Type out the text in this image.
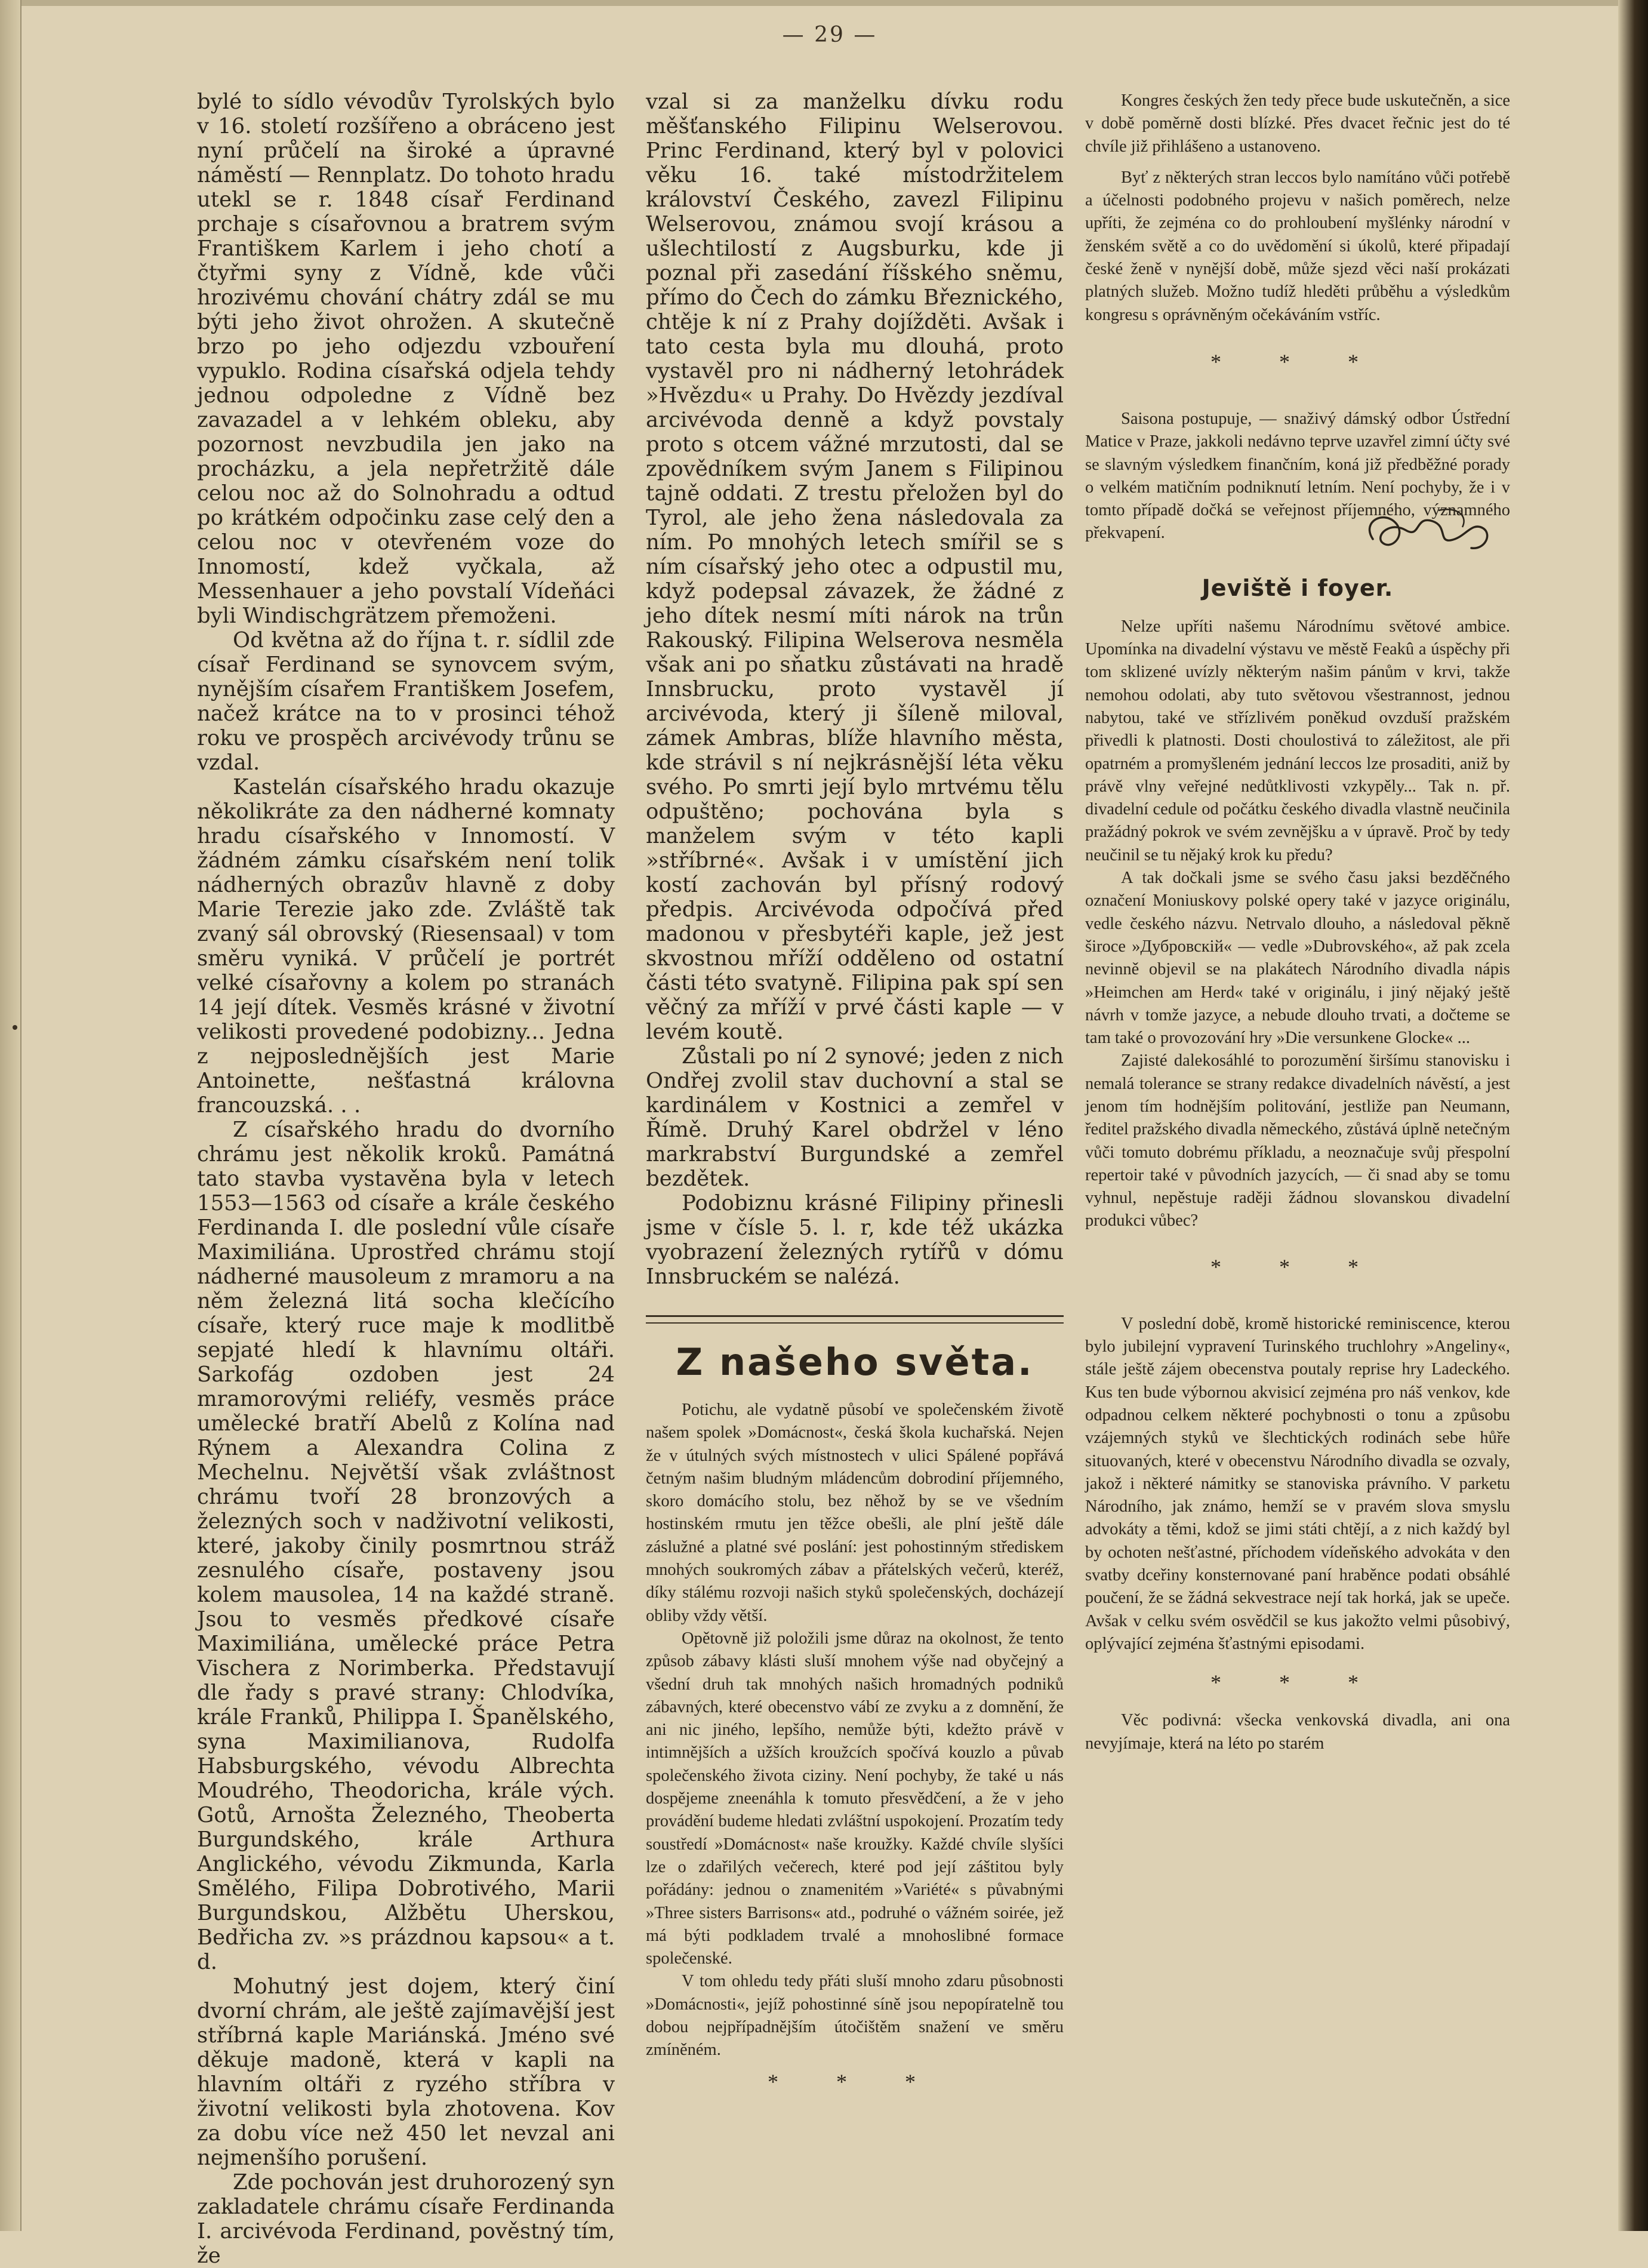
— 29 —

bylé to sídlo vévodův Tyrolských bylo v 16. století rozšířeno a obráceno jest nyní průčelí na široké a úpravné náměstí — Rennplatz. Do tohoto hradu utekl se r. 1848 císař Ferdinand prchaje s císařovnou a bratrem svým Františkem Karlem i jeho chotí a čtyřmi syny z Vídně, kde vůči hrozivému chování chátry zdál se mu býti jeho život ohrožen. A skutečně brzo po jeho odjezdu vzbouření vypuklo. Rodina císařská odjela tehdy jednou odpoledne z Vídně bez zavazadel a v lehkém obleku, aby pozornost nevzbudila jen jako na procházku, a jela nepřetržitě dále celou noc až do Solnohradu a odtud po krátkém odpočinku zase celý den a celou noc v otevřeném voze do Innomostí, kdež vyčkala, až Messenhauer a jeho povstalí Vídeňáci byli Windischgrätzem přemoženi.

Od května až do října t. r. sídlil zde císař Ferdinand se synovcem svým, nynějším císařem Františkem Josefem, načež krátce na to v prosinci téhož roku ve prospěch arcivévody trůnu se vzdal.

Kastelán císařského hradu okazuje několikráte za den nádherné komnaty hradu císařského v Innomostí. V žádném zámku císařském není tolik nádherných obrazův hlavně z doby Marie Terezie jako zde. Zvláště tak zvaný sál obrovský (Riesensaal) v tom směru vyniká. V průčelí je portrét velké císařovny a kolem po stranách 14 její dítek. Vesměs krásné v životní velikosti provedené podobizny... Jedna z nejposlednějších jest Marie Antoinette, nešťastná královna francouzská. . .

Z císařského hradu do dvorního chrámu jest několik kroků. Památná tato stavba vystavěna byla v letech 1553—1563 od císaře a krále českého Ferdinanda I. dle poslední vůle císaře Maximiliána. Uprostřed chrámu stojí nádherné mausoleum z mramoru a na něm železná litá socha klečícího císaře, který ruce maje k modlitbě sepjaté hledí k hlavnímu oltáři. Sarkofág ozdoben jest 24 mramorovými reliéfy, vesměs práce umělecké bratří Abelů z Kolína nad Rýnem a Alexandra Colina z Mechelnu. Největší však zvláštnost chrámu tvoří 28 bronzových a železných soch v nadživotní velikosti, které, jakoby činily posmrtnou stráž zesnulého císaře, postaveny jsou kolem mausolea, 14 na každé straně. Jsou to vesměs předkové císaře Maximiliána, umělecké práce Petra Vischera z Norimberka. Představují dle řady s pravé strany: Chlodvíka, krále Franků, Philippa I. Španělského, syna Maximilianova, Rudolfa Habsburgského, vévodu Albrechta Moudrého, Theodoricha, krále vých. Gotů, Arnošta Železného, Theoberta Burgundského, krále Arthura Anglického, vévodu Zikmunda, Karla Smělého, Filipa Dobrotivého, Marii Burgundskou, Alžbětu Uherskou, Bedřicha zv. »s prázdnou kapsou« a t. d.

Mohutný jest dojem, který činí dvorní chrám, ale ještě zajímavější jest stříbrná kaple Mariánská. Jméno své děkuje madoně, která v kapli na hlavním oltáři z ryzého stříbra v životní velikosti byla zhotovena. Kov za dobu více než 450 let nevzal ani nejmenšího porušení.

Zde pochován jest druhorozený syn zakladatele chrámu císaře Ferdinanda I. arcivévoda Ferdinand, pověstný tím, že

vzal si za manželku dívku rodu měšťanského Filipinu Welserovou. Princ Ferdinand, který byl v polovici věku 16. také místodržitelem království Českého, zavezl Filipinu Welserovou, známou svojí krásou a ušlechtilostí z Augsburku, kde ji poznal při zasedání říšského sněmu, přímo do Čech do zámku Březnického, chtěje k ní z Prahy dojížděti. Avšak i tato cesta byla mu dlouhá, proto vystavěl pro ni nádherný letohrádek »Hvězdu« u Prahy. Do Hvězdy jezdíval arcivévoda denně a když povstaly proto s otcem vážné mrzutosti, dal se zpovědníkem svým Janem s Filipinou tajně oddati. Z trestu přeložen byl do Tyrol, ale jeho žena následovala za ním. Po mnohých letech smířil se s ním císařský jeho otec a odpustil mu, když podepsal závazek, že žádné z jeho dítek nesmí míti nárok na trůn Rakouský. Filipina Welserova nesměla však ani po sňatku zůstávati na hradě Innsbrucku, proto vystavěl jí arcivévoda, který ji šíleně miloval, zámek Ambras, blíže hlavního města, kde strávil s ní nejkrásnější léta věku svého. Po smrti její bylo mrtvému tělu odpuštěno; pochována byla s manželem svým v této kapli »stříbrné«. Avšak i v umístění jich kostí zachován byl přísný rodový předpis. Arcivévoda odpočívá před madonou v přesbytéři kaple, jež jest skvostnou mříží odděleno od ostatní části této svatyně. Filipina pak spí sen věčný za mříží v prvé části kaple — v levém koutě.

Zůstali po ní 2 synové; jeden z nich Ondřej zvolil stav duchovní a stal se kardinálem v Kostnici a zemřel v Římě. Druhý Karel obdržel v léno markrabství Burgundské a zemřel bezdětek.

Podobiznu krásné Filipiny přinesli jsme v čísle 5. l. r, kde též ukázka vyobrazení železných rytířů v dómu Innsbruckém se nalézá.

Z našeho světa.

Potichu, ale vydatně působí ve společenském životě našem spolek »Domácnost«, česká škola kuchařská. Nejen že v útulných svých místnostech v ulici Spálené popřává četným našim bludným mládencům dobrodiní příjemného, skoro domácího stolu, bez něhož by se ve všedním hostinském rmutu jen těžce obešli, ale plní ještě dále záslužné a platné své poslání: jest pohostinným střediskem mnohých soukromých zábav a přátelských večerů, kteréž, díky stálému rozvoji našich styků společenských, docházejí obliby vždy větší.

Opětovně již položili jsme důraz na okolnost, že tento způsob zábavy klásti sluší mnohem výše nad obyčejný a všední druh tak mnohých našich hromadných podniků zábavných, které obecenstvo vábí ze zvyku a z domnění, že ani nic jiného, lepšího, nemůže býti, kdežto právě v intimnějších a užších kroužcích spočívá kouzlo a půvab společenského života ciziny. Není pochyby, že také u nás dospějeme zneenáhla k tomuto přesvědčení, a že v jeho provádění budeme hledati zvláštní uspokojení. Prozatím tedy soustředí »Domácnost« naše kroužky. Každé chvíle slyšíci lze o zdařilých večerech, které pod její záštitou byly pořádány: jednou o znamenitém »Variété« s půvabnými »Three sisters Barrisons« atd., podruhé o vážném soirée, jež má býti podkladem trvalé a mnohoslibné formace společenské.

V tom ohledu tedy přáti sluší mnoho zdaru působnosti »Domácnosti«, jejíž pohostinné síně jsou nepopíratelně tou dobou nejpřípadnějším útočištěm snažení ve směru zmíněném.

* * *

Kongres českých žen tedy přece bude uskutečněn, a sice v době poměrně dosti blízké. Přes dvacet řečnic jest do té chvíle již přihlášeno a ustanoveno.

Byť z některých stran leccos bylo namítáno vůči potřebě a účelnosti podobného projevu v našich poměrech, nelze upříti, že zejména co do prohloubení myšlénky národní v ženském světě a co do uvědomění si úkolů, které připadají české ženě v nynější době, může sjezd věci naší prokázati platných služeb. Možno tudíž hleděti průběhu a výsledkům kongresu s oprávněným očekáváním vstříc.

* * *

Saisona postupuje, — snaživý dámský odbor Ústřední Matice v Praze, jakkoli nedávno teprve uzavřel zimní účty své se slavným výsledkem finančním, koná již předběžné porady o velkém matičním podniknutí letním. Není pochyby, že i v tomto případě dočká se veřejnost příjemného, významného překvapení.

Jeviště i foyer.

Nelze upříti našemu Národnímu světové ambice. Upomínka na divadelní výstavu ve městě Feakû a úspěchy při tom sklizené uvízly některým našim pánům v krvi, takže nemohou odolati, aby tuto světovou všestrannost, jednou nabytou, také ve střízlivém poněkud ovzduší pražském přivedli k platnosti. Dosti choulostivá to záležitost, ale při opatrném a promyšleném jednání leccos lze prosaditi, aniž by právě vlny veřejné nedůtklivosti vzkypěly... Tak n. př. divadelní cedule od počátku českého divadla vlastně neučinila pražádný pokrok ve svém zevnějšku a v úpravě. Proč by tedy neučinil se tu nějaký krok ku předu?

A tak dočkali jsme se svého času jaksi bezděčného označení Moniuskovy polské opery také v jazyce originálu, vedle českého názvu. Netrvalo dlouho, a následoval pěkně široce »Дубровскій« — vedle »Dubrovského«, až pak zcela nevinně objevil se na plakátech Národního divadla nápis »Heimchen am Herd« také v originálu, i jiný nějaký ještě návrh v tomže jazyce, a nebude dlouho trvati, a dočteme se tam také o provozování hry »Die versunkene Glocke« ...

Zajisté dalekosáhlé to porozumění širšímu stanovisku i nemalá tolerance se strany redakce divadelních návěstí, a jest jenom tím hodnějším politování, jestliže pan Neumann, ředitel pražského divadla německého, zůstává úplně netečným vůči tomuto dobrému příkladu, a neoznačuje svůj přespolní repertoir také v původních jazycích, — či snad aby se tomu vyhnul, nepěstuje raději žádnou slovanskou divadelní produkci vůbec?

* * *

V poslední době, kromě historické reminiscence, kterou bylo jubilejní vypravení Turinského truchlohry »Angeliny«, stále ještě zájem obecenstva poutaly reprise hry Ladeckého. Kus ten bude výbornou akvisicí zejména pro náš venkov, kde odpadnou celkem některé pochybnosti o tonu a způsobu vzájemných styků ve šlechtických rodinách sebe hůře situovaných, které v obecenstvu Národního divadla se ozvaly, jakož i některé námitky se stanoviska právního. V parketu Národního, jak známo, hemží se v pravém slova smyslu advokáty a těmi, kdož se jimi státi chtějí, a z nich každý byl by ochoten nešťastné, příchodem vídeňského advokáta v den svatby dceřiny konsternované paní hraběnce podati obsáhlé poučení, že se žádná sekvestrace nejí tak horká, jak se upeče. Avšak v celku svém osvědčil se kus jakožto velmi působivý, oplývající zejména šťastnými episodami.

* * *

Věc podivná: všecka venkovská divadla, ani ona nevyjímaje, která na léto po starém
